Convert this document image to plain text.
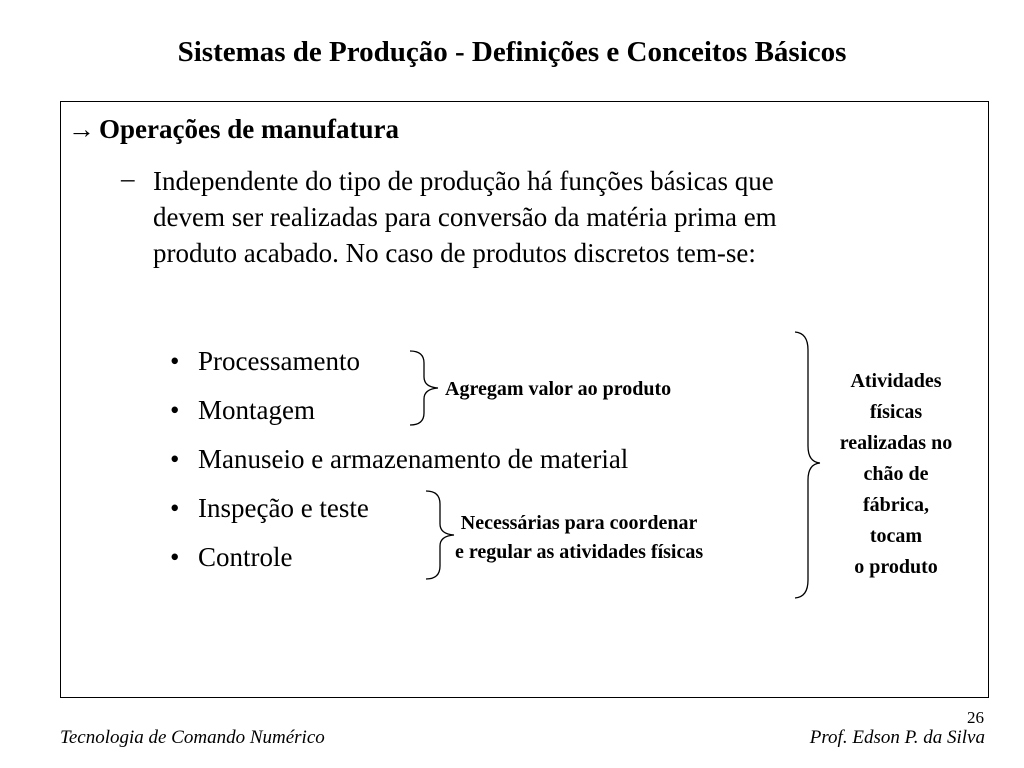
Sistemas de Produção - Definições e Conceitos Básicos
→ Operações de manufatura
– Independente do tipo de produção há funções básicas que
devem ser realizadas para conversão da matéria prima em
produto acabado. No caso de produtos discretos tem-se:
• Processamento
• Montagem
• Manuseio e armazenamento de material
• Inspeção e teste
• Controle
Agregam valor ao produto
Necessárias para coordenar
e regular as atividades físicas
Atividades
físicas
realizadas no
chão de
fábrica,
tocam
o produto
26
Tecnologia de Comando Numérico	Prof. Edson P. da Silva
